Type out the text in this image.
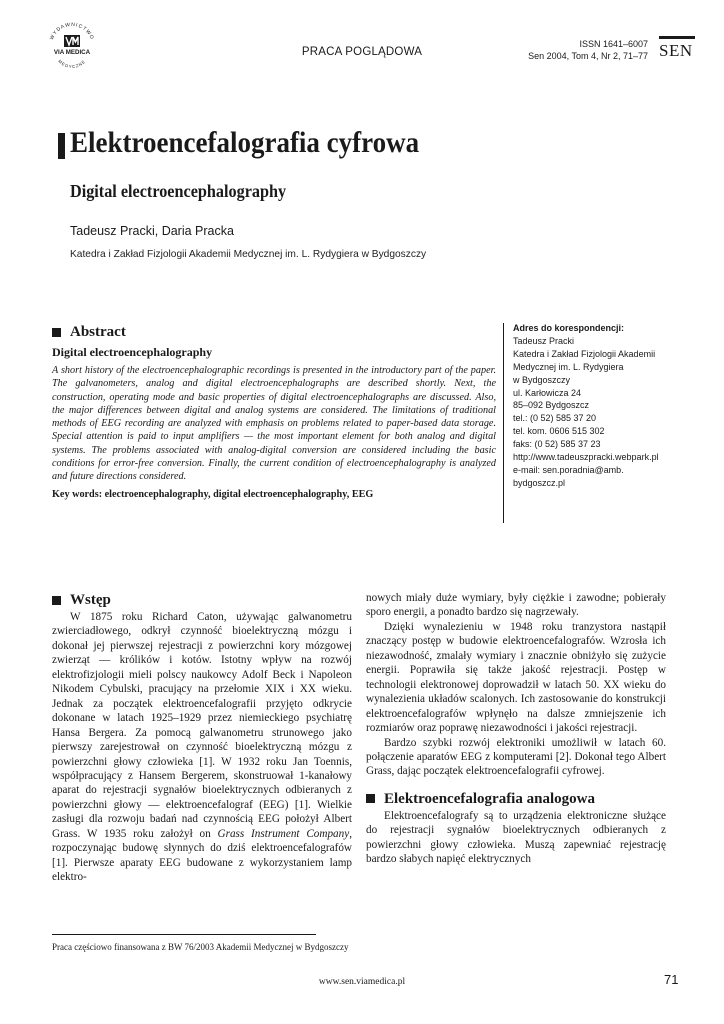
WYDAWNICTWO
MEDYCZNE
VIA MEDICA	PRACA POGLĄDOWA
ISSN 1641–6007
Sen 2004, Tom 4, Nr 2, 71–77 SEN
Elektroencefalografia cyfrowa
Digital electroencephalography
Tadeusz Pracki, Daria Pracka
Katedra i Zakład Fizjologii Akademii Medycznej im. L. Rydygiera w Bydgoszczy
Abstract
Digital electroencephalography
A short history of the electroencephalographic recordings is presented in the introductory part of the paper. The galvanometers, analog and digital electroencephalographs are described shortly. Next, the construction, operating mode and basic properties of digital electroencephalographs are discussed. Also, the major differences between digital and analog systems are considered. The limitations of traditional methods of EEG recording are analyzed with emphasis on problems related to paper-based data storage. Special attention is paid to input amplifiers — the most important element for both analog and digital systems. The problems associated with analog-digital conversion are considered including the basic conditions for error-free conversion. Finally, the current condition of electroencephalography is analyzed and future directions considered.
Key words: electroencephalography, digital electroencephalography, EEG
Adres do korespondencji:
Tadeusz Pracki
Katedra i Zakład Fizjologii Akademii
Medycznej im. L. Rydygiera
w Bydgoszczy
ul. Karłowicza 24
85–092 Bydgoszcz
tel.: (0 52) 585 37 20
tel. kom. 0606 515 302
faks: (0 52) 585 37 23
http://www.tadeuszpracki.webpark.pl
e-mail: sen.poradnia@amb.
bydgoszcz.pl
Wstęp

W 1875 roku Richard Caton, używając galwanometru zwierciadłowego, odkrył czynność bioelektryczną mózgu i dokonał jej pierwszej rejestracji z powierzchni kory mózgowej zwierząt — królików i kotów. Istotny wpływ na rozwój elektrofizjologii mieli polscy naukowcy Adolf Beck i Napoleon Nikodem Cybulski, pracujący na przełomie XIX i XX wieku. Jednak za początek elektroencefalografii przyjęto odkrycie dokonane w latach 1925–1929 przez niemieckiego psychiatrę Hansa Bergera. Za pomocą galwanometru strunowego jako pierwszy zarejestrował on czynność bioelektryczną mózgu z powierzchni głowy człowieka [1]. W 1932 roku Jan Toennis, współpracujący z Hansem Bergerem, skonstruował 1-kanałowy aparat do rejestracji sygnałów bioelektrycznych odbieranych z powierzchni głowy — elektroencefalograf (EEG) [1]. Wielkie zasługi dla rozwoju badań nad czynnością EEG położył Albert Grass. W 1935 roku założył on Grass Instrument Company, rozpoczynając budowę słynnych do dziś elektroencefalografów [1]. Pierwsze aparaty EEG budowane z wykorzystaniem lamp elektro-

nowych miały duże wymiary, były ciężkie i zawodne; pobierały sporo energii, a ponadto bardzo się nagrzewały.

Dzięki wynalezieniu w 1948 roku tranzystora nastąpił znaczący postęp w budowie elektroencefalografów. Wzrosła ich niezawodność, zmalały wymiary i znacznie obniżyło się zużycie energii. Poprawiła się także jakość rejestracji. Postęp w technologii elektronowej doprowadził w latach 50. XX wieku do wynalezienia układów scalonych. Ich zastosowanie do konstrukcji elektroencefalografów wpłynęło na dalsze zmniejszenie ich rozmiarów oraz poprawę niezawodności i jakości rejestracji.

Bardzo szybki rozwój elektroniki umożliwił w latach 60. połączenie aparatów EEG z komputerami [2]. Dokonał tego Albert Grass, dając początek elektroencefalografii cyfrowej.

Elektroencefalografia analogowa

Elektroencefalografy są to urządzenia elektroniczne służące do rejestracji sygnałów bioelektrycznych odbieranych z powierzchni głowy człowieka. Muszą zapewniać rejestrację bardzo słabych napięć elektrycznych

Praca częściowo finansowana z BW 76/2003 Akademii Medycznej w Bydgoszczy
www.sen.viamedica.pl	71
